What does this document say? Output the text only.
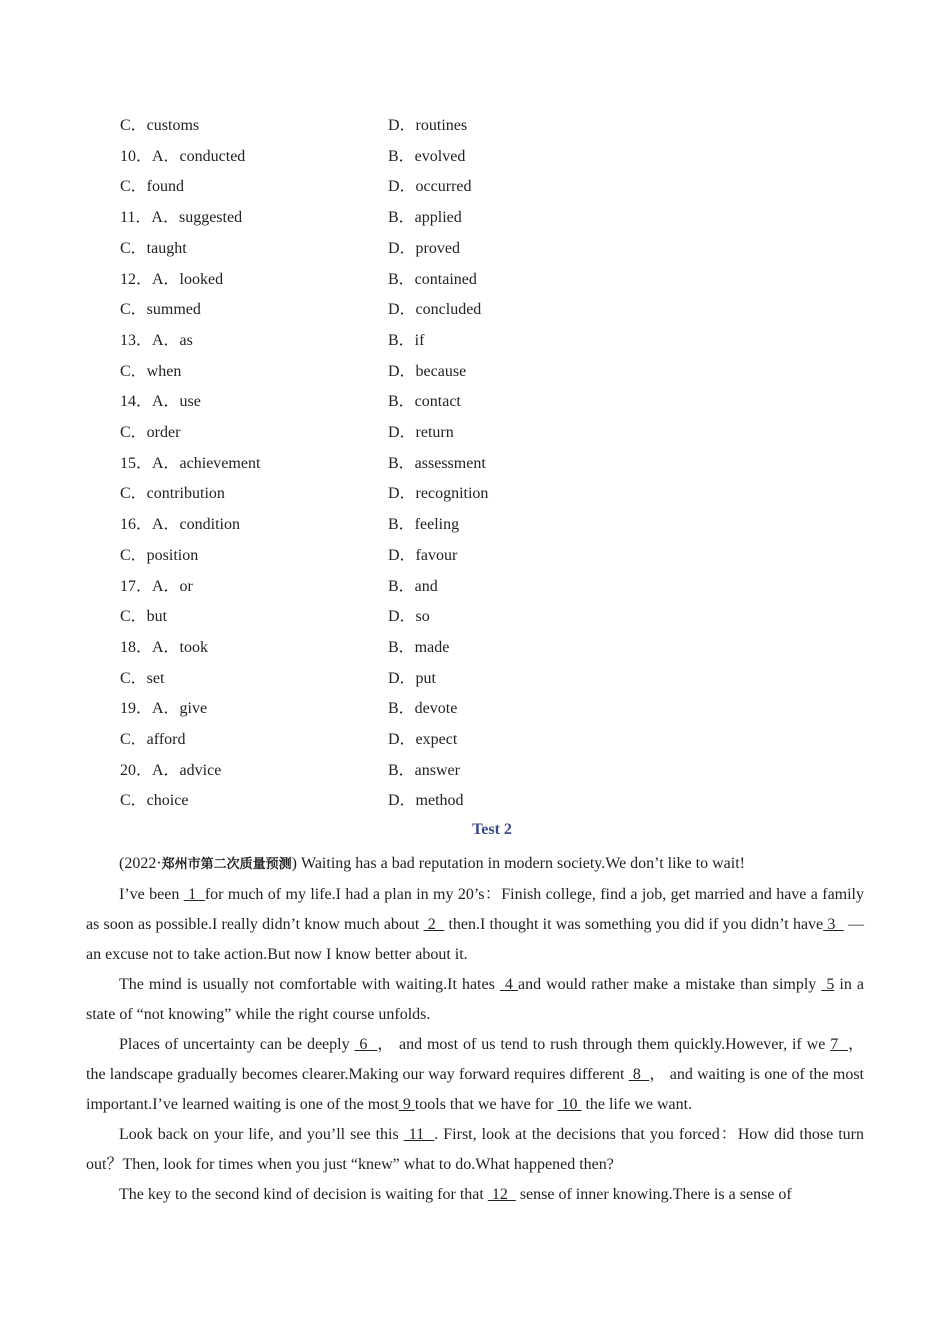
C．customs	D．routines
10．A．conducted	B．evolved
C．found	D．occurred
11．A．suggested	B．applied
C．taught	D．proved
12．A．looked	B．contained
C．summed	D．concluded
13．A．as	B．if
C．when	D．because
14．A．use	B．contact
C．order	D．return
15．A．achievement	B．assessment
C．contribution	D．recognition
16．A．condition	B．feeling
C．position	D．favour
17．A．or	B．and
C．but	D．so
18．A．took	B．made
C．set	D．put
19．A．give	B．devote
C．afford	D．expect
20．A．advice	B．answer
C．choice	D．method
Test 2

(2022·郑州市第二次质量预测) Waiting has a bad reputation in modern society.We don’t like to wait!

I’ve been  1  for much of my life.I had a plan in my 20’s：Finish college, find a job, get married and have a family as soon as possible.I really didn’t know much about  2   then.I thought it was something you did if you didn’t have 3   — an excuse not to take action.But now I know better about it.

The mind is usually not comfortable with waiting.It hates  4 and would rather make a mistake than simply  5 in a state of “not knowing” while the right course unfolds.

Places of uncertainty can be deeply  6  ， and most of us tend to rush through them quickly.However, if we 7  ， the landscape gradually becomes clearer.Making our way forward requires different  8  ， and waiting is one of the most important.I’ve learned waiting is one of the most 9 tools that we have for  10  the life we want.

Look back on your life, and you’ll see this  11  . First, look at the decisions that you forced：How did those turn out？Then, look for times when you just “knew” what to do.What happened then?

The key to the second kind of decision is waiting for that  12   sense of inner knowing.There is a sense of
